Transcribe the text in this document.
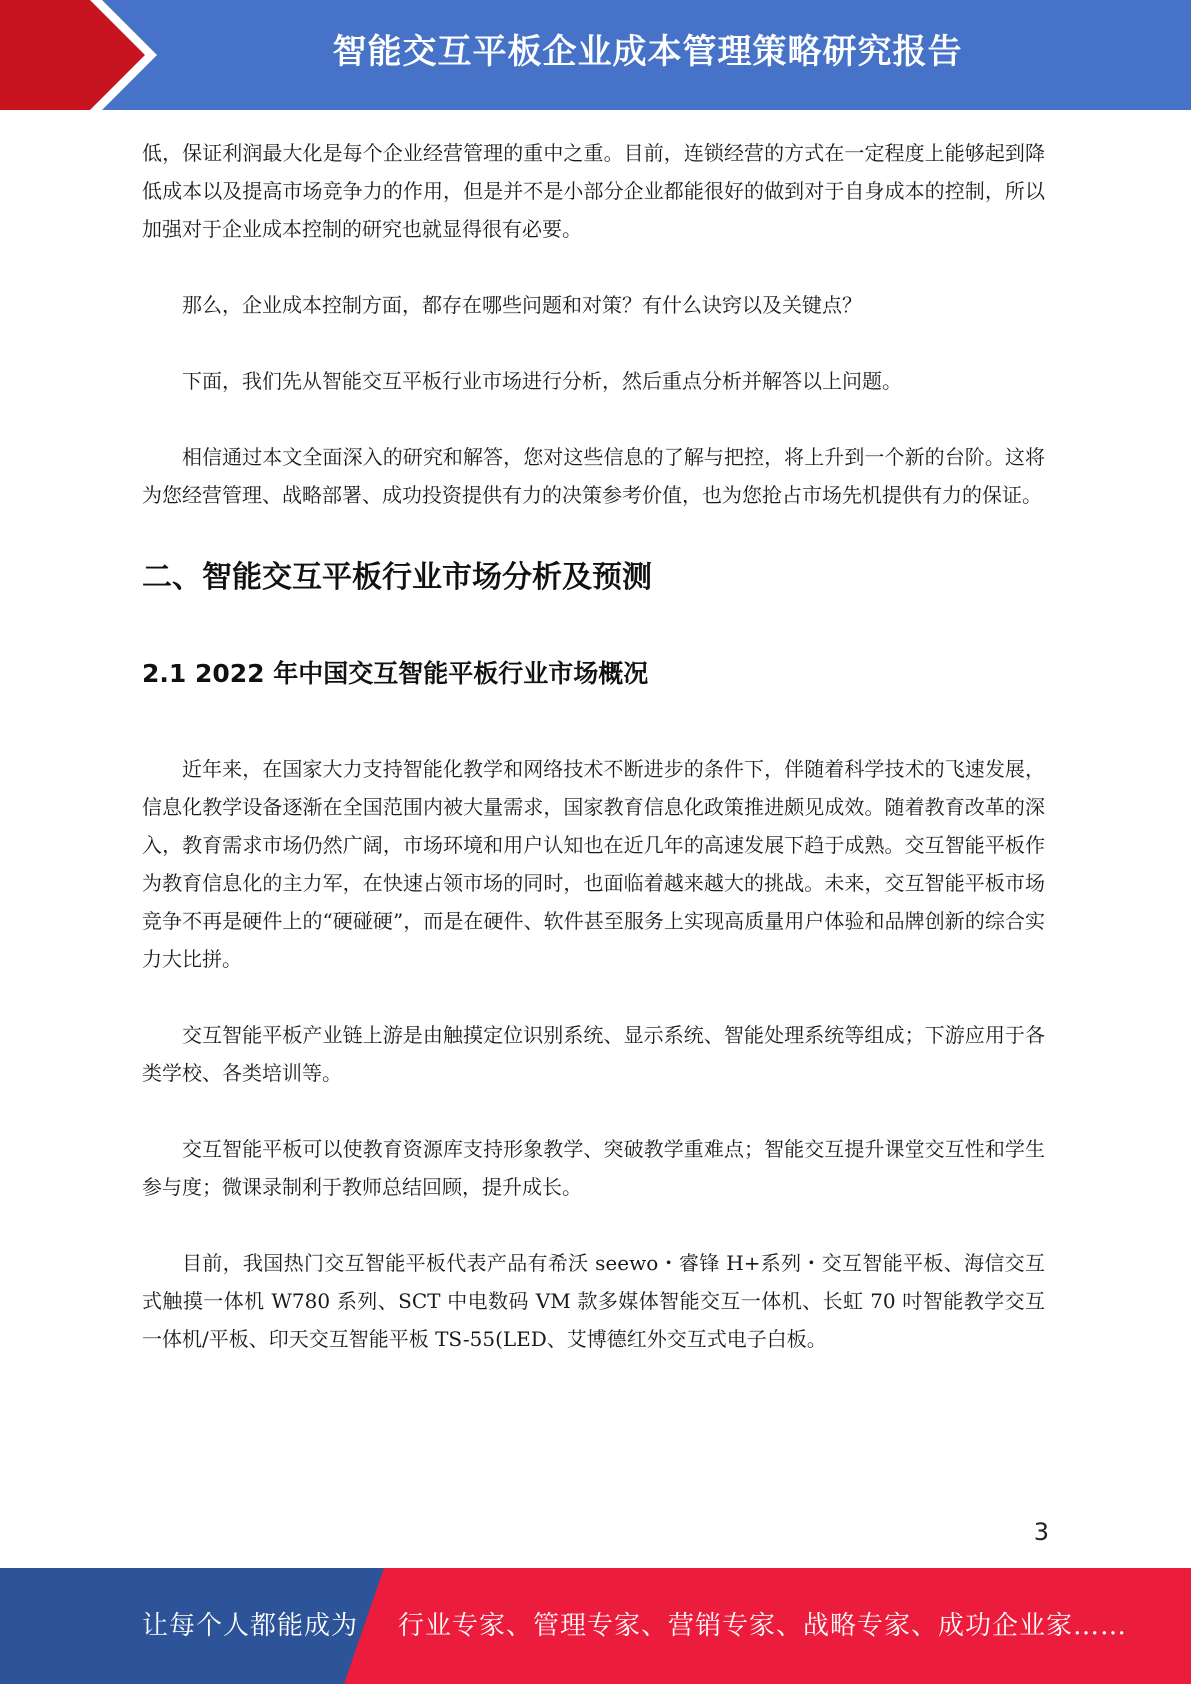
智能交互平板企业成本管理策略研究报告

低，保证利润最大化是每个企业经营管理的重中之重。目前，连锁经营的方式在一定程度上能够起到降低成本以及提高市场竞争力的作用，但是并不是小部分企业都能很好的做到对于自身成本的控制，所以加强对于企业成本控制的研究也就显得很有必要。

那么，企业成本控制方面，都存在哪些问题和对策？有什么诀窍以及关键点？

下面，我们先从智能交互平板行业市场进行分析，然后重点分析并解答以上问题。

相信通过本文全面深入的研究和解答，您对这些信息的了解与把控，将上升到一个新的台阶。这将为您经营管理、战略部署、成功投资提供有力的决策参考价值，也为您抢占市场先机提供有力的保证。

二、智能交互平板行业市场分析及预测
2.1 2022 年中国交互智能平板行业市场概况

近年来，在国家大力支持智能化教学和网络技术不断进步的条件下，伴随着科学技术的飞速发展，信息化教学设备逐渐在全国范围内被大量需求，国家教育信息化政策推进颇见成效。随着教育改革的深入，教育需求市场仍然广阔，市场环境和用户认知也在近几年的高速发展下趋于成熟。交互智能平板作为教育信息化的主力军，在快速占领市场的同时，也面临着越来越大的挑战。未来，交互智能平板市场竞争不再是硬件上的“硬碰硬”，而是在硬件、软件甚至服务上实现高质量用户体验和品牌创新的综合实力大比拼。

交互智能平板产业链上游是由触摸定位识别系统、显示系统、智能处理系统等组成；下游应用于各类学校、各类培训等。

交互智能平板可以使教育资源库支持形象教学、突破教学重难点；智能交互提升课堂交互性和学生参与度；微课录制利于教师总结回顾，提升成长。

目前，我国热门交互智能平板代表产品有希沃 seewo・睿锋 H+系列・交互智能平板、海信交互式触摸一体机 W780 系列、SCT 中电数码 VM 款多媒体智能交互一体机、长虹 70 吋智能教学交互一体机/平板、印天交互智能平板 TS-55(LED、艾博德红外交互式电子白板。

3
让每个人都能成为 行业专家、管理专家、营销专家、战略专家、成功企业家……
